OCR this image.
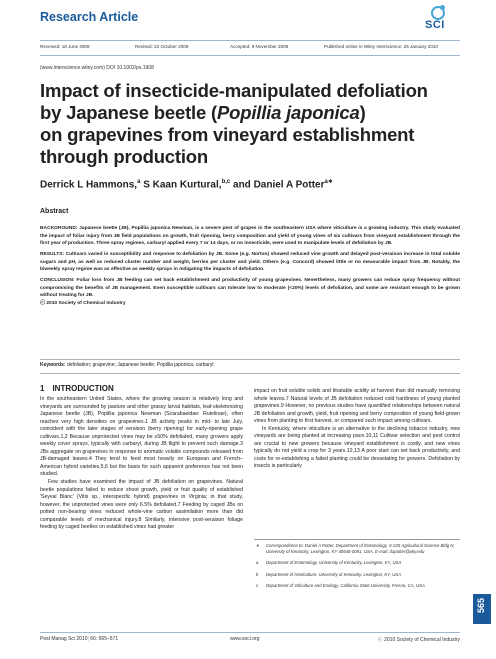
Research Article
SCI
Received: 18 June 2009	Revised: 22 October 2009	Accepted: 9 November 2009	Published online in Wiley Interscience: 25 January 2010
(www.interscience.wiley.com) DOI 10.1002/ps.1908
Impact of insecticide-manipulated defoliation
by Japanese beetle (Popillia japonica)
on grapevines from vineyard establishment
through production
Derrick L Hammons,$^a$ S Kaan Kurtural,$^{b,c}$ and Daniel A Potter$^{a∗}$
Abstract

BACKGROUND: Japanese beetle (JB), Popillia japonica Newman, is a severe pest of grapes in the southeastern USA where viticulture is a growing industry. This study evaluated the impact of foliar injury from JB field populations on growth, fruit ripening, berry composition and yield of young vines of six cultivars from vineyard establishment through the first year of production. Three spray regimes, carbaryl applied every 7 or 14 days, or no insecticide, were used to manipulate levels of defoliation by JB.

RESULTS: Cultivars varied in susceptibility and response to defoliation by JB. Some (e.g. Norton) showed reduced vine growth and delayed post-veraison increase in total soluble sugars and pH, as well as reduced cluster number and weight, berries per cluster and yield. Others (e.g. Concord) showed little or no measurable impact from JB. Notably, the biweekly spray regime was as effective as weekly sprays in mitigating the impacts of defoliation.

CONCLUSION: Foliar loss from JB feeding can set back establishment and productivity of young grapevines. Nevertheless, many growers can reduce spray frequency without compromising the benefits of JB management. Even susceptible cultivars can tolerate low to moderate (<20%) levels of defoliation, and some are resistant enough to be grown without treating for JB.
ⓒ 2010 Society of Chemical Industry

Keywords: defoliation; grapevine; Japanese beetle; Popillia japonica; carbaryl
1 INTRODUCTION

In the southeastern United States, where the growing season is relatively long and vineyards are surrounded by pasture and other grassy larval habitats, leaf-skeletonizing Japanese beetle (JB), Popillia japonica Newman (Scarabaeidae: Rutelinae), often reaches very high densities on grapevines.1 JB activity peaks in mid- to late July, coincident with the later stages of veraison (berry ripening) for early-ripening grape cultivars.1,2 Because unprotected vines may be ≥50% defoliated, many growers apply weekly cover sprays, typically with carbaryl, during JB flight to prevent such damage.3 JBs aggregate on grapevines in response to aromatic volatile compounds released from JB-damaged leaves.4 They tend to feed most heavily on European and French–American hybrid varieties,5,6 but the basis for such apparent preference has not been studied.

Few studies have examined the impact of JB defoliation on grapevines. Natural beetle populations failed to reduce shoot growth, yield or fruit quality of established 'Seyval Blanc' (Vitis sp., interspecific hybrid) grapevines in Virginia; in that study, however, the unprotected vines were only 6.5% defoliated.7 Feeding by caged JBs on potted non-bearing vines reduced whole-vine carbon assimilation more than did comparable levels of mechanical injury.8 Similarly, intensive post-veraison foliage feeding by caged beetles on established vines had greater

impact on fruit soluble solids and titratable acidity at harvest than did manually removing whole leaves.7 Natural levels of JB defoliation reduced cold hardiness of young planted grapevines.9 However, no previous studies have quantified relationships between natural JB defoliation and growth, yield, fruit ripening and berry composition of young field-grown vines from planting to first harvest, or compared such impact among cultivars.

In Kentucky, where viticulture is an alternative to the declining tobacco industry, new vineyards are being planted at increasing pace.10,11 Cultivar selection and pest control are crucial to new growers because vineyard establishment is costly, and new vines typically do not yield a crop for 3 years.12,13 A poor start can set back productivity, and costs for re-establishing a failed planting could be devastating for growers. Defoliation by insects is particularly

∗ Correspondence to: Daniel A Potter, Department of Entomology, S-225 Agricultural Science Bldg N, University of Kentucky, Lexington, KY 40546-0091, USA. E-mail: dapotter@uky.edu
a Department of Entomology, University of Kentucky, Lexington, KY, USA
b Department of Horticulture, University of Kentucky, Lexington, KY, USA
c Department of Viticulture and Enology, California State University, Fresno, CA, USA
565
Pest Manag Sci 2010; 66: 565–571	www.soci.org	ⓒ 2010 Society of Chemical Industry
